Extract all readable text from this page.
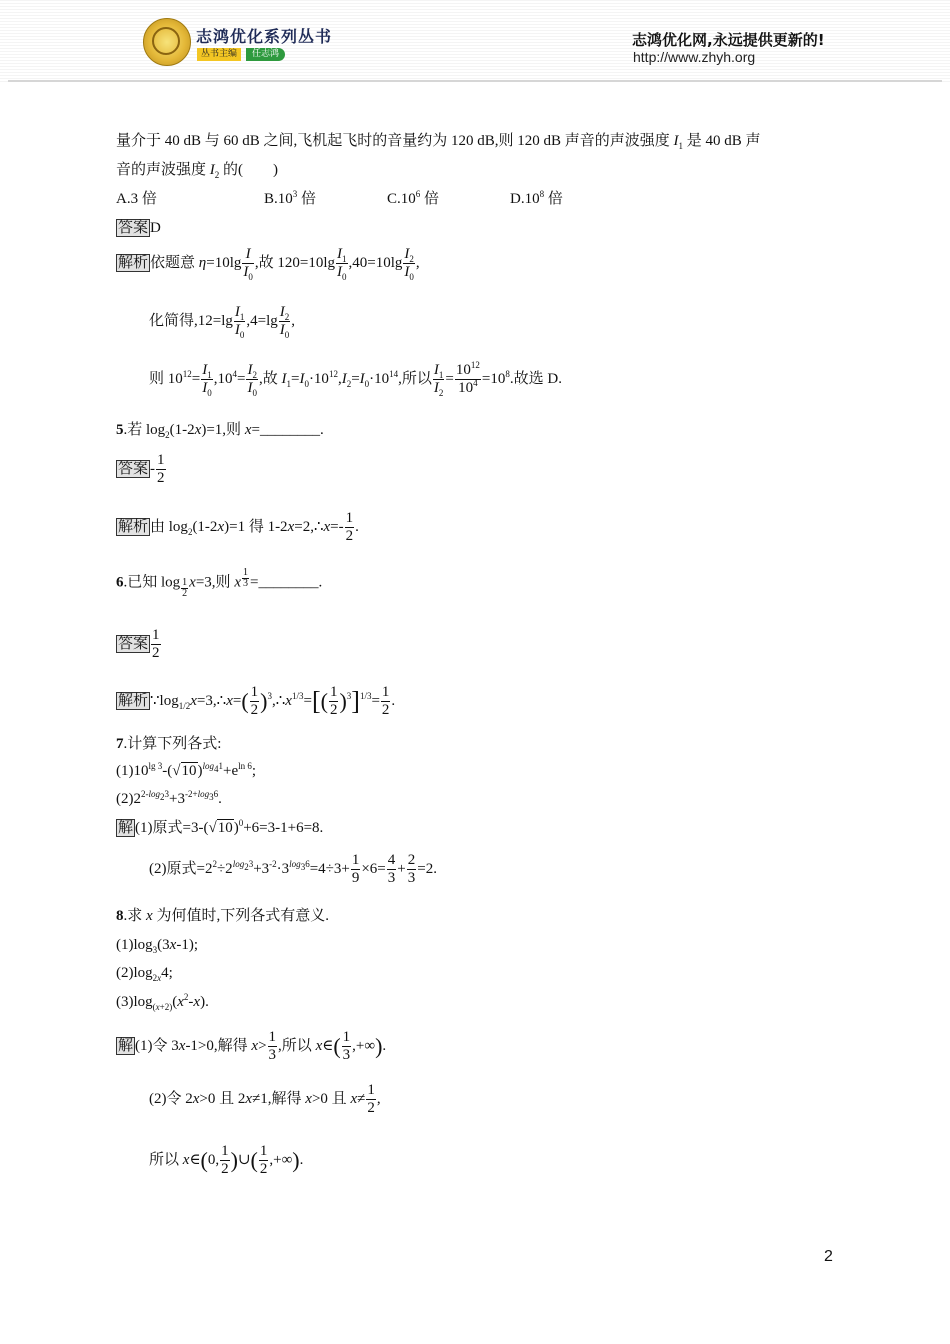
志鸿优化系列丛书
丛书主编	任志鸿
志鸿优化网,永远提供更新的!
http://www.zhyh.org
量介于 40 dB 与 60 dB 之间,飞机起飞时的音量约为 120 dB,则 120 dB 声音的声波强度 $I_1$ 是 40 dB 声
音的声波强度 $I_2$ 的(        )
A.3 倍	$B.10^3$ 倍	$C.10^6$ 倍	$D.10^8$ 倍
答案 D
解析 依题意 $\eta=10\lg \frac{I}{I_0}$ ,故 $120=10\lg \frac{I_1}{I_0} ,40=10\lg \frac{I_2}{I_0}$ ,
化简得$,12=\lg \frac{I_1}{I_0} ,4=\lg \frac{I_2}{I_0}$ ,
则 $10^{12}= \frac{I_1}{I_0} ,10^4= \frac{I_2}{I_0}$ ,故 $I_1=I_0\cdot 10^{12},I_2=I_0\cdot 10^{14}$,所以 $\frac{I_1}{I_2} = \frac{10^{12}}{10^4} =10^8$.故选 D.
5.若 $\log_2(1-2x)=1$,则 x=________.
答案 - $\frac{1}{2}$
解析 由 $\log_2(1-2x)=1$ 得 1-2x=2,∴x=- $\frac{1}{2}$ .
6.已知 log $_{\frac{1}{2}}$ x=3,则 x $^{\frac{1}{3}}$ =________.
答案 $\frac{1}{2}$
解析 $\because\log_{1/2}x=3,\therefore x=( \frac{1}{2}$ )$^3,\therefore x^{1/3}=[( \frac{1}{2} )^3]^{1/3}= \frac{1}{2}$ .
7.计算下列各式:
$(1)10^{lg 3}-(√10)^{log_41}+e^{ln 6}$;
$(2)2^{2-log_23}+3^{-2+log_36}$.
解 (1)原式$=3-(√10)^0+6=3-1+6=8$.
(2)原式$=2^2\div 2^{log_23}+3^{-2}\cdot 3^{log_36}=4\div 3+ \frac{1}{9} \times 6= \frac{4}{3} + \frac{2}{3} =2$.
8.求 x 为何值时,下列各式有意义.
$(1)\log_3(3x-1)$;
$(2)\log_{2x}4$;
$(3)\log_{(x+2)}(x^2-x)$.
解 (1)令 3x-1>0,解得 $x> \frac{1}{3}$ ,所以 x∈( $\frac{1}{3}$ ,+∞).
(2)令 2x>0 且 2x≠1,解得 x>0 且 $x\ne \frac{1}{2}$ ,
所以 x∈(0, $\frac{1}{2}$ )∪( $\frac{1}{2}$ ,+∞).
2
